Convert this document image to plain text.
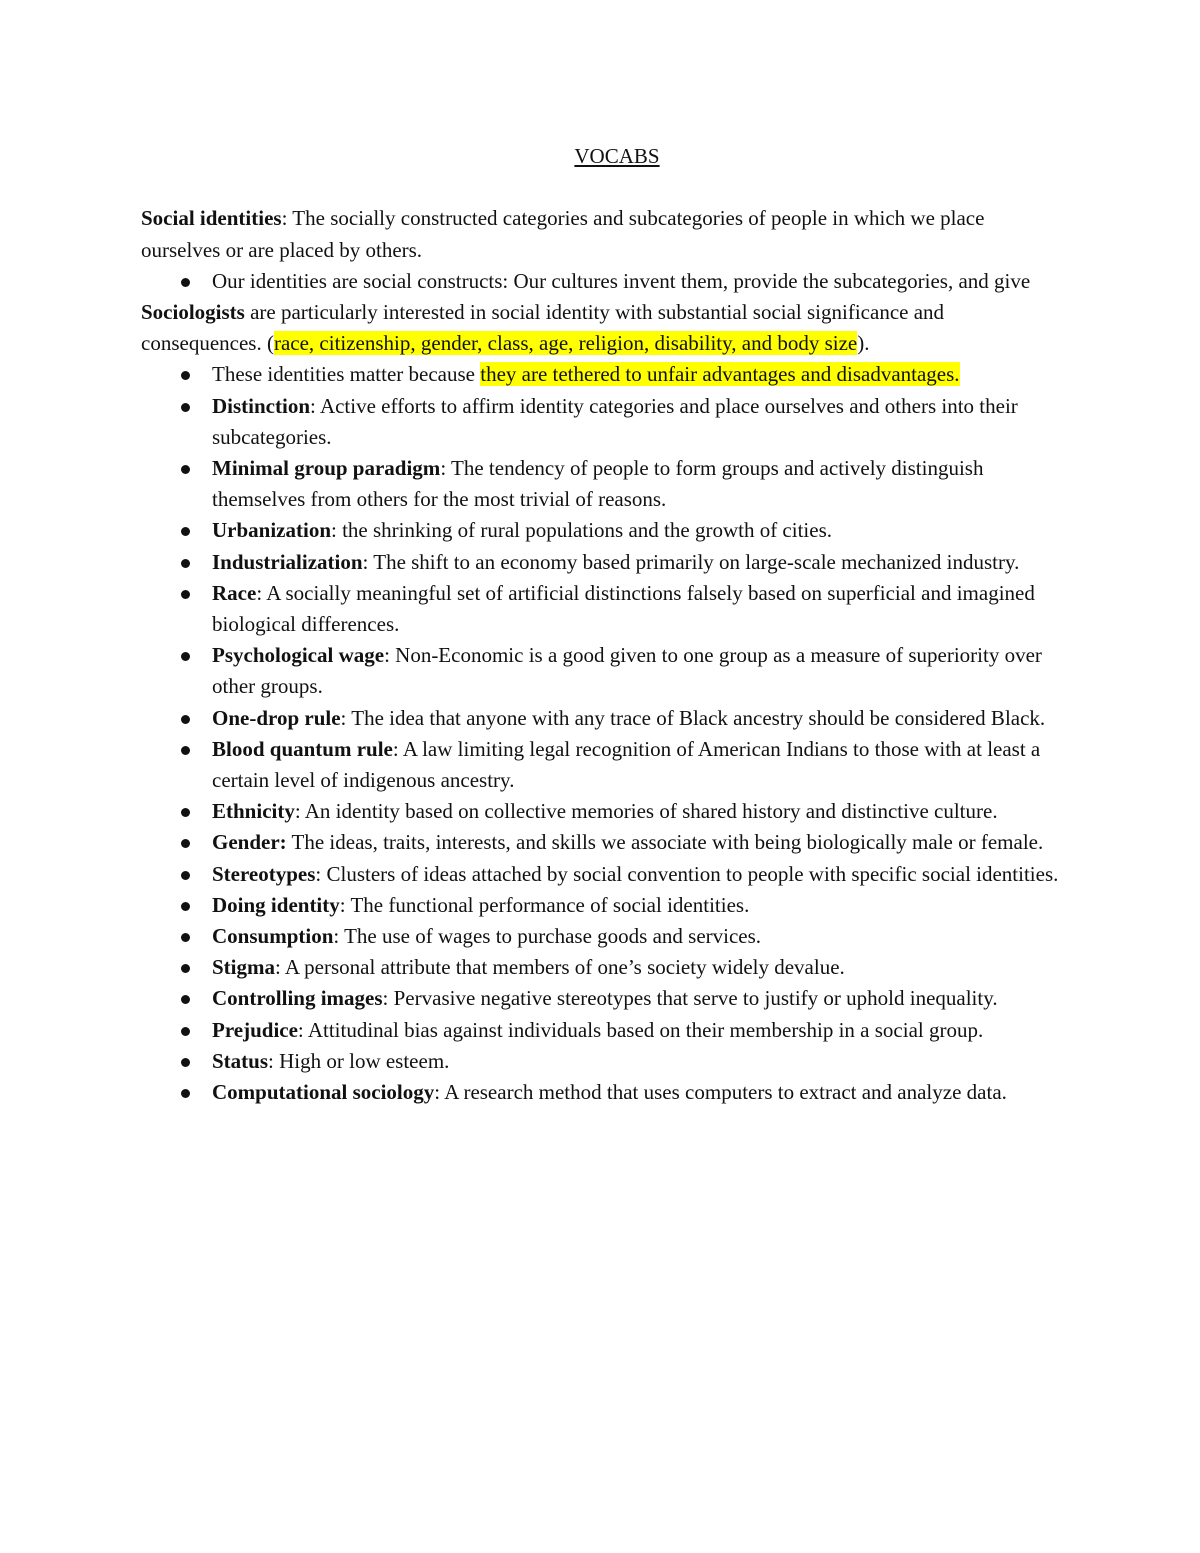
VOCABS

Social identities: The socially constructed categories and subcategories of people in which we place ourselves or are placed by others.

Our identities are social constructs: Our cultures invent them, provide the subcategories, and give

Sociologists are particularly interested in social identity with substantial social significance and consequences. (race, citizenship, gender, class, age, religion, disability, and body size).

These identities matter because they are tethered to unfair advantages and disadvantages.
Distinction: Active efforts to affirm identity categories and place ourselves and others into their subcategories.
Minimal group paradigm: The tendency of people to form groups and actively distinguish themselves from others for the most trivial of reasons.
Urbanization: the shrinking of rural populations and the growth of cities.
Industrialization: The shift to an economy based primarily on large-scale mechanized industry.
Race: A socially meaningful set of artificial distinctions falsely based on superficial and imagined biological differences.
Psychological wage: Non-Economic is a good given to one group as a measure of superiority over other groups.
One-drop rule: The idea that anyone with any trace of Black ancestry should be considered Black.
Blood quantum rule: A law limiting legal recognition of American Indians to those with at least a certain level of indigenous ancestry.
Ethnicity: An identity based on collective memories of shared history and distinctive culture.
Gender: The ideas, traits, interests, and skills we associate with being biologically male or female.
Stereotypes: Clusters of ideas attached by social convention to people with specific social identities.
Doing identity: The functional performance of social identities.
Consumption: The use of wages to purchase goods and services.
Stigma: A personal attribute that members of one’s society widely devalue.
Controlling images: Pervasive negative stereotypes that serve to justify or uphold inequality.
Prejudice: Attitudinal bias against individuals based on their membership in a social group.
Status: High or low esteem.
Computational sociology: A research method that uses computers to extract and analyze data.
